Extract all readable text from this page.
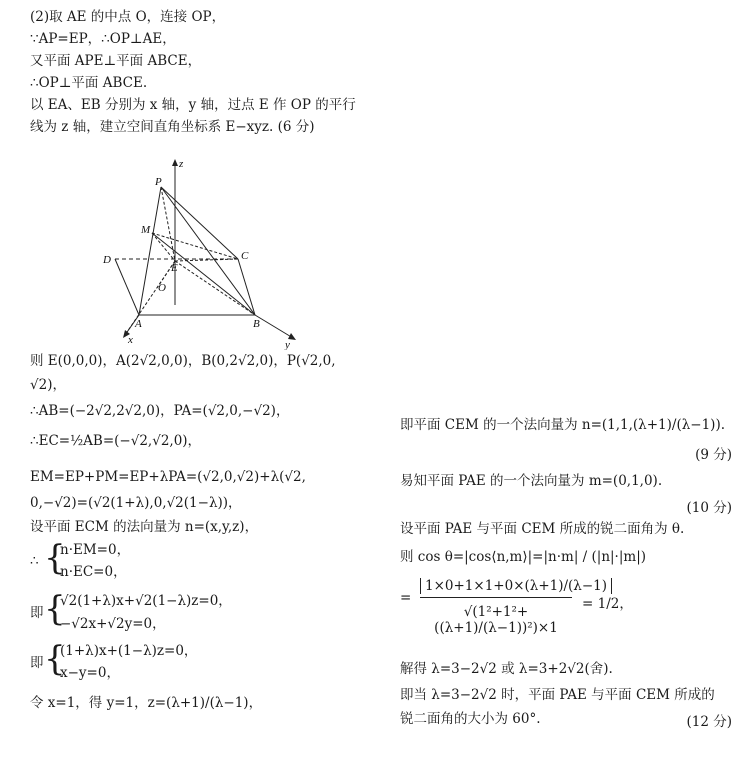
(2)取 AE 的中点 O，连接 OP，
∵AP=EP，∴OP⊥AE，
又平面 APE⊥平面 ABCE，
∴OP⊥平面 ABCE.
以 EA、EB 分别为 x 轴，y 轴，过点 E 作 OP 的平行
线为 z 轴，建立空间直角坐标系 E−xyz. (6 分)
P
z
M
D
E
C
O
A	B
x	y
则 E(0,0,0)，A(2√2,0,0)，B(0,2√2,0)，P(√2,0,
√2)，
∴AB=(−2√2,2√2,0)，PA=(√2,0,−√2)，
∴EC=½AB=(−√2,√2,0)，
EM=EP+PM=EP+λPA=(√2,0,√2)+λ(√2,
0,−√2)=(√2(1+λ),0,√2(1−λ))，
设平面 ECM 的法向量为 n=(x,y,z)，
∴ {
n·EM=0，
n·EC=0，
即 {
√2(1+λ)x+√2(1−λ)z=0，
−√2x+√2y=0，
即 {
(1+λ)x+(1−λ)z=0，
x−y=0，
令 x=1，得 y=1，z=(λ+1)/(λ−1)，
即平面 CEM 的一个法向量为 n=(1,1,(λ+1)/(λ−1)).
(9 分)
易知平面 PAE 的一个法向量为 m=(0,1,0).
(10 分)
设平面 PAE 与平面 CEM 所成的锐二面角为 θ.
则 cos θ=|cos⟨n,m⟩|=|n·m| / (|n|·|m|)
=
1×0+1×1+0×(λ+1)/(λ−1)
√(1²+1²+((λ+1)/(λ−1))²)×1
= 1/2，
解得 λ=3−2√2 或 λ=3+2√2(舍).
即当 λ=3−2√2 时，平面 PAE 与平面 CEM 所成的
锐二面角的大小为 60°.	(12 分)
